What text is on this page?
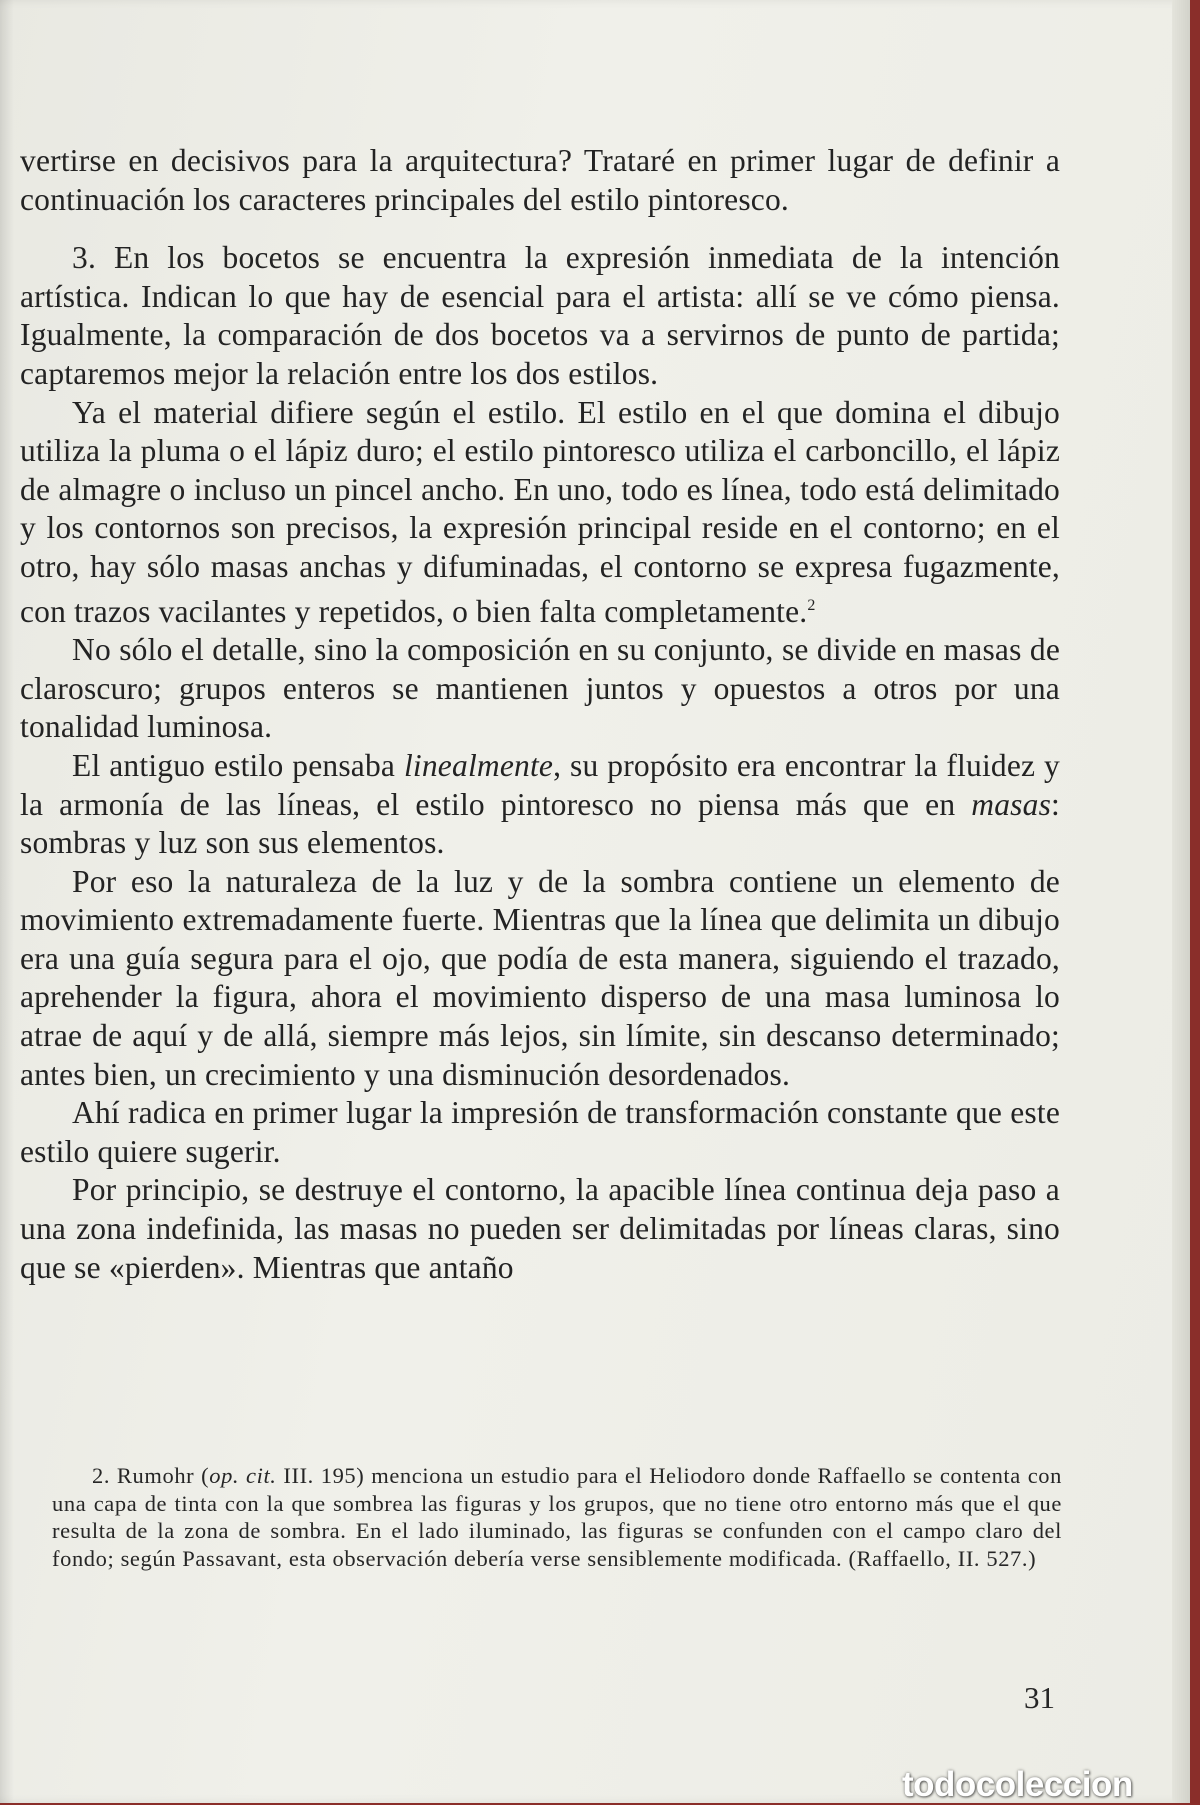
vertirse en decisivos para la arquitectura? Trataré en primer lugar de definir a continuación los caracteres principales del estilo pintoresco.

3. En los bocetos se encuentra la expresión inmediata de la intención artística. Indican lo que hay de esencial para el artista: allí se ve cómo piensa. Igualmente, la comparación de dos bocetos va a servirnos de punto de partida; captaremos mejor la relación entre los dos estilos.

Ya el material difiere según el estilo. El estilo en el que domina el dibujo utiliza la pluma o el lápiz duro; el estilo pintoresco utiliza el carboncillo, el lápiz de almagre o incluso un pincel ancho. En uno, todo es línea, todo está delimitado y los contornos son precisos, la expresión principal reside en el contorno; en el otro, hay sólo masas anchas y difuminadas, el contorno se expresa fugazmente, con trazos vacilantes y repetidos, o bien falta completamente.$^2$

No sólo el detalle, sino la composición en su conjunto, se divide en masas de claroscuro; grupos enteros se mantienen juntos y opuestos a otros por una tonalidad luminosa.

El antiguo estilo pensaba linealmente, su propósito era encontrar la fluidez y la armonía de las líneas, el estilo pintoresco no piensa más que en masas: sombras y luz son sus elementos.

Por eso la naturaleza de la luz y de la sombra contiene un elemento de movimiento extremadamente fuerte. Mientras que la línea que delimita un dibujo era una guía segura para el ojo, que podía de esta manera, siguiendo el trazado, aprehender la figura, ahora el movimiento disperso de una masa luminosa lo atrae de aquí y de allá, siempre más lejos, sin límite, sin descanso determinado; antes bien, un crecimiento y una disminución desordenados.

Ahí radica en primer lugar la impresión de transformación constante que este estilo quiere sugerir.

Por principio, se destruye el contorno, la apacible línea continua deja paso a una zona indefinida, las masas no pueden ser delimitadas por líneas claras, sino que se «pierden». Mientras que antaño

2. Rumohr (op. cit. III. 195) menciona un estudio para el Heliodoro donde Raffaello se contenta con una capa de tinta con la que sombrea las figuras y los grupos, que no tiene otro entorno más que el que resulta de la zona de sombra. En el lado iluminado, las figuras se confunden con el campo claro del fondo; según Passavant, esta observación debería verse sensiblemente modificada. (Raffaello, II. 527.)

31
todocoleccion
